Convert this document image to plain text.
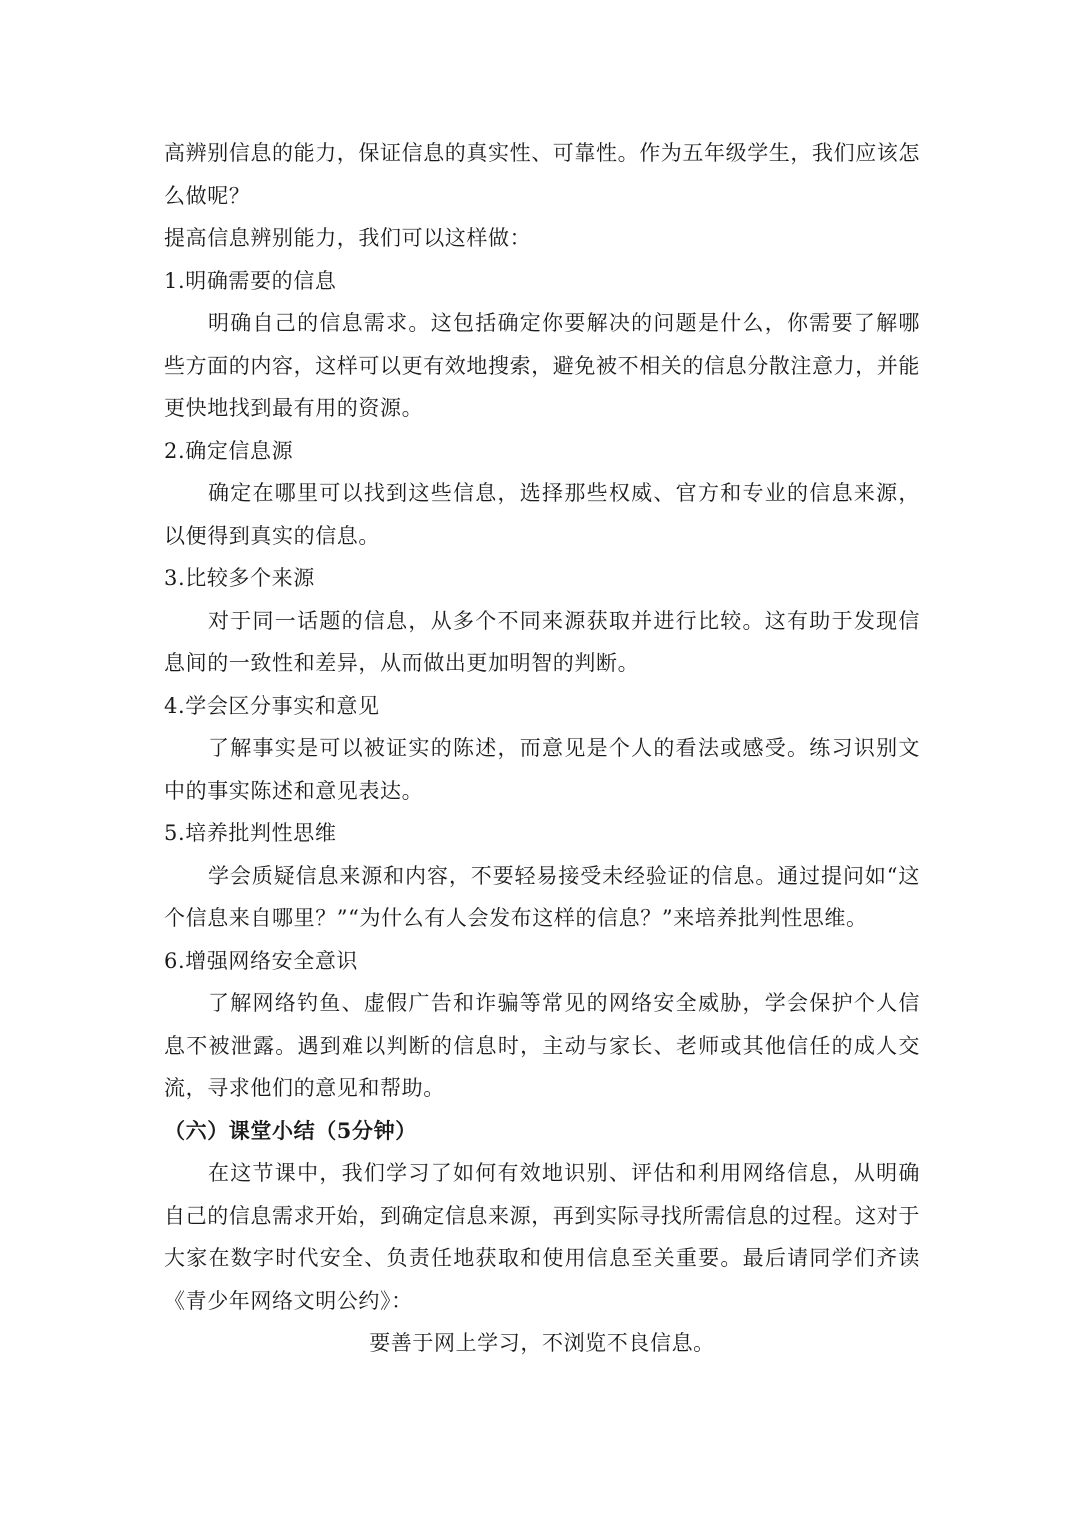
高辨别信息的能力，保证信息的真实性、可靠性。作为五年级学生，我们应该怎么做呢？

提高信息辨别能力，我们可以这样做：

1.明确需要的信息

明确自己的信息需求。这包括确定你要解决的问题是什么，你需要了解哪些方面的内容，这样可以更有效地搜索，避免被不相关的信息分散注意力，并能更快地找到最有用的资源。

2.确定信息源

确定在哪里可以找到这些信息，选择那些权威、官方和专业的信息来源，以便得到真实的信息。

3.比较多个来源

对于同一话题的信息，从多个不同来源获取并进行比较。这有助于发现信息间的一致性和差异，从而做出更加明智的判断。

4.学会区分事实和意见

了解事实是可以被证实的陈述，而意见是个人的看法或感受。练习识别文中的事实陈述和意见表达。

5.培养批判性思维

学会质疑信息来源和内容，不要轻易接受未经验证的信息。通过提问如“这个信息来自哪里？”“为什么有人会发布这样的信息？”来培养批判性思维。

6.增强网络安全意识

了解网络钓鱼、虚假广告和诈骗等常见的网络安全威胁，学会保护个人信息不被泄露。遇到难以判断的信息时，主动与家长、老师或其他信任的成人交流，寻求他们的意见和帮助。

（六）课堂小结（5分钟）

在这节课中，我们学习了如何有效地识别、评估和利用网络信息，从明确自己的信息需求开始，到确定信息来源，再到实际寻找所需信息的过程。这对于大家在数字时代安全、负责任地获取和使用信息至关重要。最后请同学们齐读《青少年网络文明公约》：

要善于网上学习，不浏览不良信息。
